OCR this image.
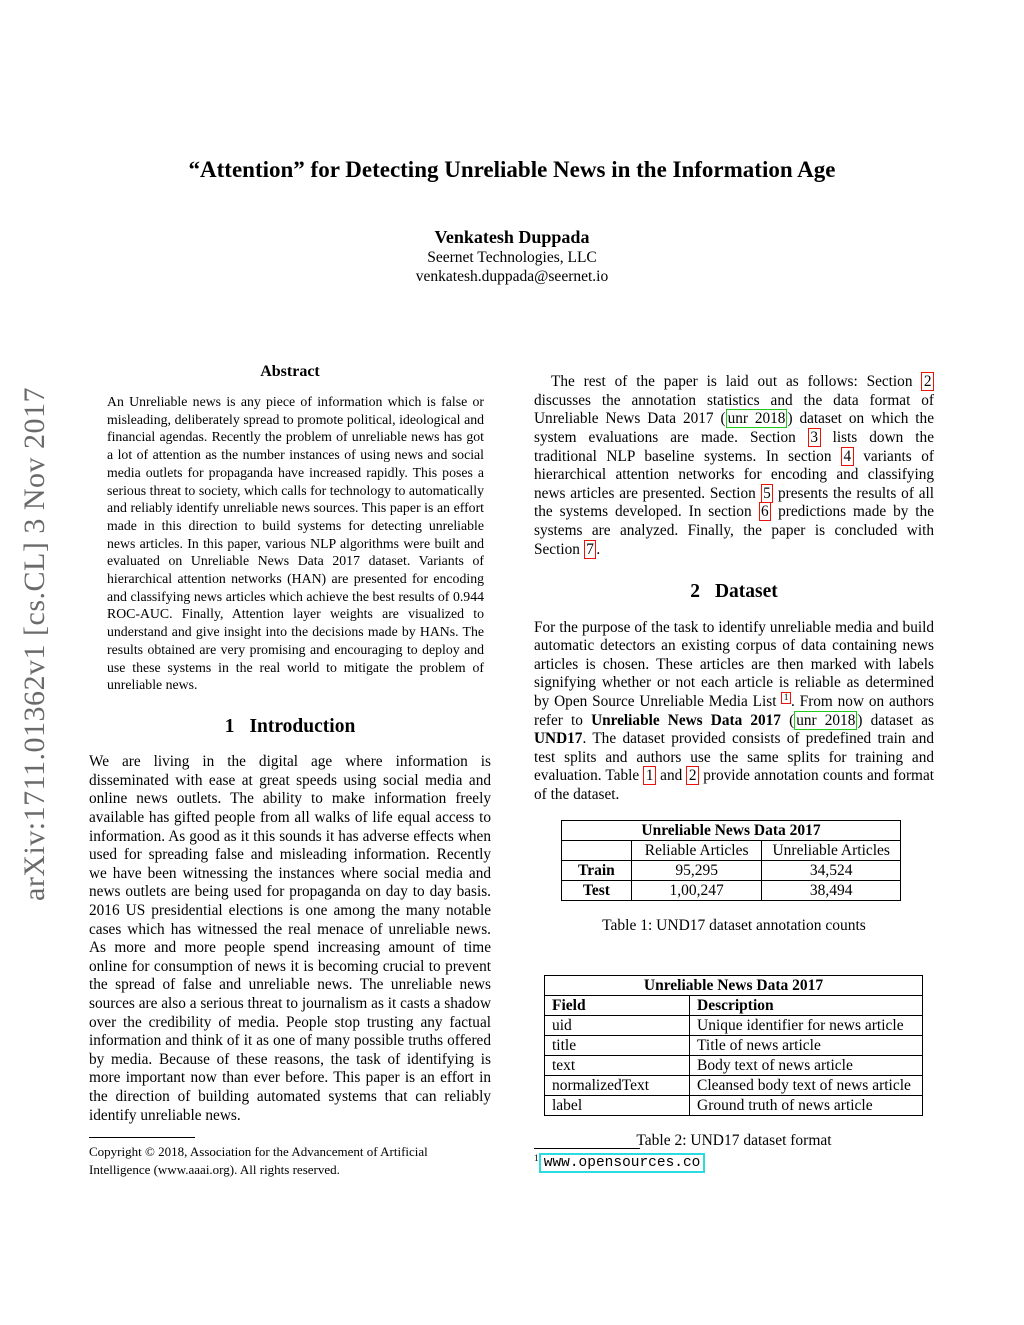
arXiv:1711.01362v1 [cs.CL] 3 Nov 2017
“Attention” for Detecting Unreliable News in the Information Age
Venkatesh Duppada
Seernet Technologies, LLC
venkatesh.duppada@seernet.io
Abstract

An Unreliable news is any piece of information which is false or misleading, deliberately spread to promote political, ideological and financial agendas. Recently the problem of unreliable news has got a lot of attention as the number instances of using news and social media outlets for propaganda have increased rapidly. This poses a serious threat to society, which calls for technology to automatically and reliably identify unreliable news sources. This paper is an effort made in this direction to build systems for detecting unreliable news articles. In this paper, various NLP algorithms were built and evaluated on Unreliable News Data 2017 dataset. Variants of hierarchical attention networks (HAN) are presented for encoding and classifying news articles which achieve the best results of 0.944 ROC-AUC. Finally, Attention layer weights are visualized to understand and give insight into the decisions made by HANs. The results obtained are very promising and encouraging to deploy and use these systems in the real world to mitigate the problem of unreliable news.

1 Introduction

We are living in the digital age where information is disseminated with ease at great speeds using social media and online news outlets. The ability to make information freely available has gifted people from all walks of life equal access to information. As good as it this sounds it has adverse effects when used for spreading false and misleading information. Recently we have been witnessing the instances where social media and news outlets are being used for propaganda on day to day basis. 2016 US presidential elections is one among the many notable cases which has witnessed the real menace of unreliable news. As more and more people spend increasing amount of time online for consumption of news it is becoming crucial to prevent the spread of false and unreliable news. The unreliable news sources are also a serious threat to journalism as it casts a shadow over the credibility of media. People stop trusting any factual information and think of it as one of many possible truths offered by media. Because of these reasons, the task of identifying is more important now than ever before. This paper is an effort in the direction of building automated systems that can reliably identify unreliable news.

Copyright © 2018, Association for the Advancement of Artificial Intelligence (www.aaai.org). All rights reserved.

The rest of the paper is laid out as follows: Section 2 discusses the annotation statistics and the data format of Unreliable News Data 2017 ( unr 2018 ) dataset on which the system evaluations are made. Section 3 lists down the traditional NLP baseline systems. In section 4 variants of hierarchical attention networks for encoding and classifying news articles are presented. Section 5 presents the results of all the systems developed. In section 6 predictions made by the systems are analyzed. Finally, the paper is concluded with Section 7 .

2 Dataset

For the purpose of the task to identify unreliable media and build automatic detectors an existing corpus of data containing news articles is chosen. These articles are then marked with labels signifying whether or not each article is reliable as determined by Open Source Unreliable Media List $^1$ . From now on authors refer to Unreliable News Data 2017 ( unr 2018 ) dataset as UND17. The dataset provided consists of predefined train and test splits and authors use the same splits for training and evaluation. Table 1 and 2 provide annotation counts and format of the dataset.

Unreliable News Data 2017		
	Reliable Articles	Unreliable Articles
Train	95,295	34,524
Test	1,00,247	38,494
Table 1: UND17 dataset annotation counts
Unreliable News Data 2017	
Field	Description
uid	Unique identifier for news article
title	Title of news article
text	Body text of news article
normalizedText	Cleansed body text of news article
label	Ground truth of news article
Table 2: UND17 dataset format
$^1$ www.opensources.co
